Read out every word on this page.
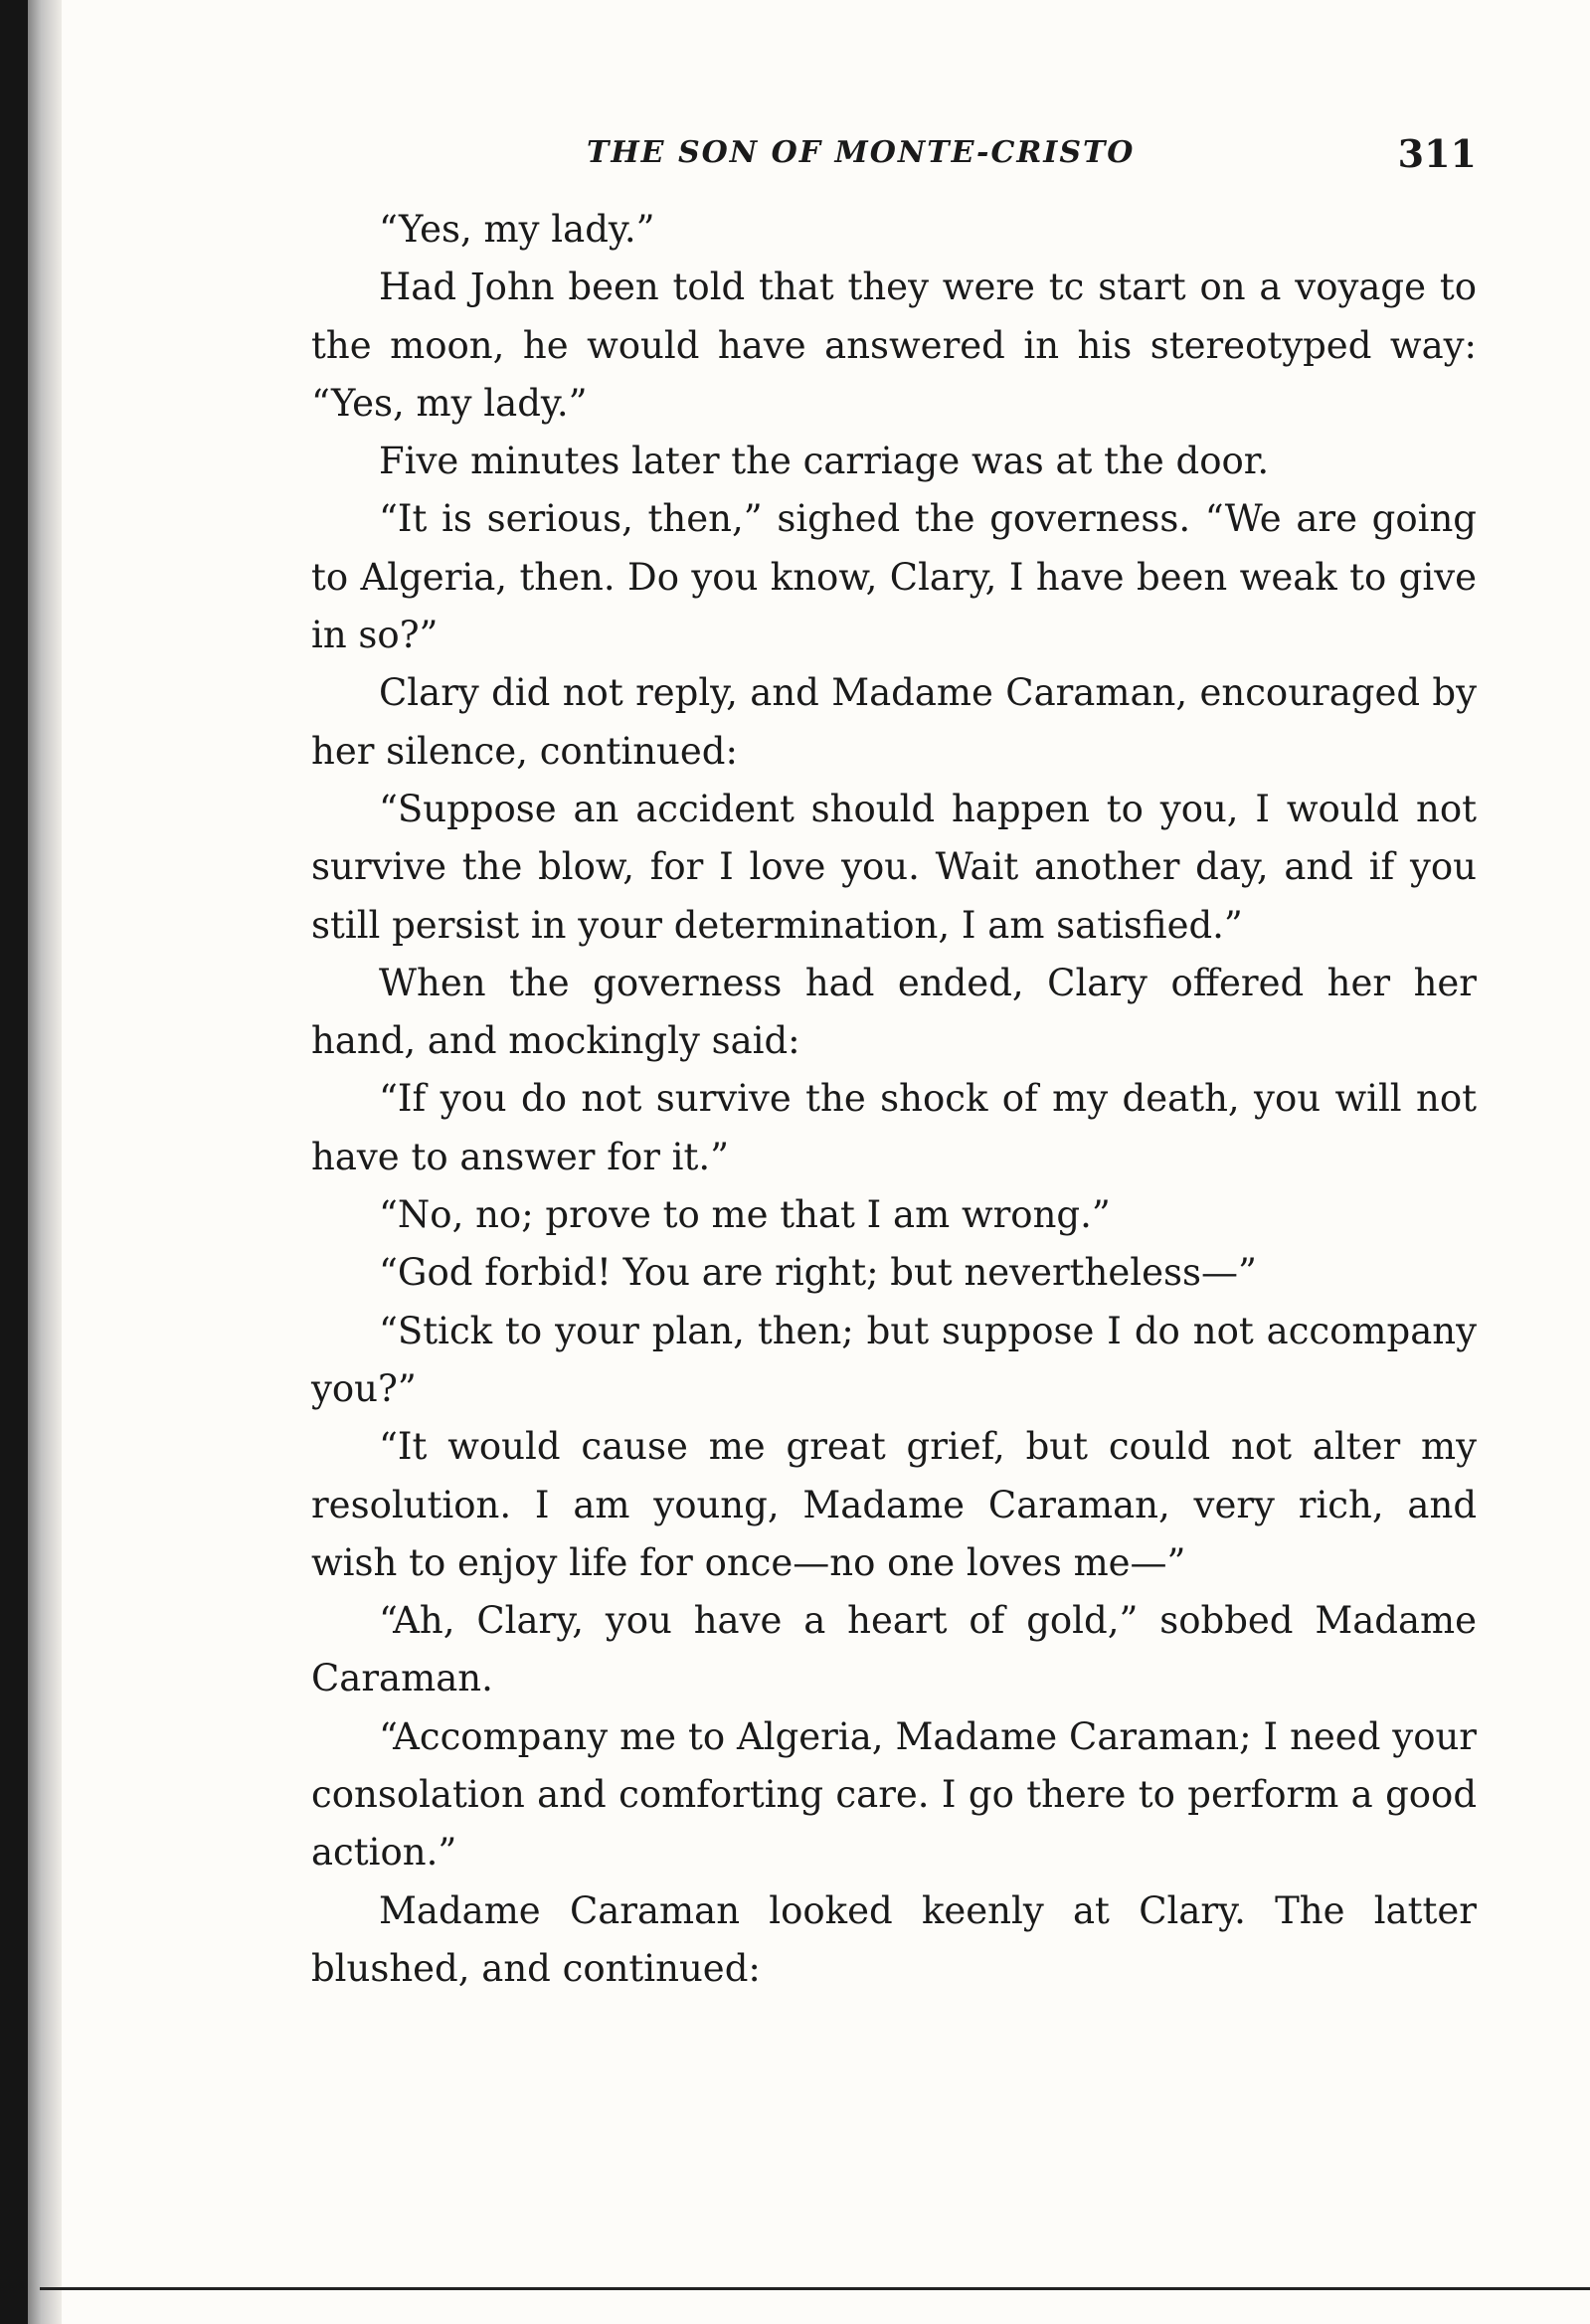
THE SON OF MONTE-CRISTO	311

“Yes, my lady.”

Had John been told that they were tc start on a voyage to the moon, he would have answered in his stereotyped way: “Yes, my lady.”

Five minutes later the carriage was at the door.

“It is serious, then,” sighed the governess. “We are going to Algeria, then. Do you know, Clary, I have been weak to give in so?”

Clary did not reply, and Madame Caraman, encouraged by her silence, continued:

“Suppose an accident should happen to you, I would not survive the blow, for I love you. Wait another day, and if you still persist in your determination, I am satisfied.”

When the governess had ended, Clary offered her her hand, and mockingly said:

“If you do not survive the shock of my death, you will not have to answer for it.”

“No, no; prove to me that I am wrong.”

“God forbid! You are right; but nevertheless—”

“Stick to your plan, then; but suppose I do not accompany you?”

“It would cause me great grief, but could not alter my resolution. I am young, Madame Caraman, very rich, and wish to enjoy life for once—no one loves me—”

“Ah, Clary, you have a heart of gold,” sobbed Madame Caraman.

“Accompany me to Algeria, Madame Caraman; I need your consolation and comforting care. I go there to perform a good action.”

Madame Caraman looked keenly at Clary. The latter blushed, and continued:
